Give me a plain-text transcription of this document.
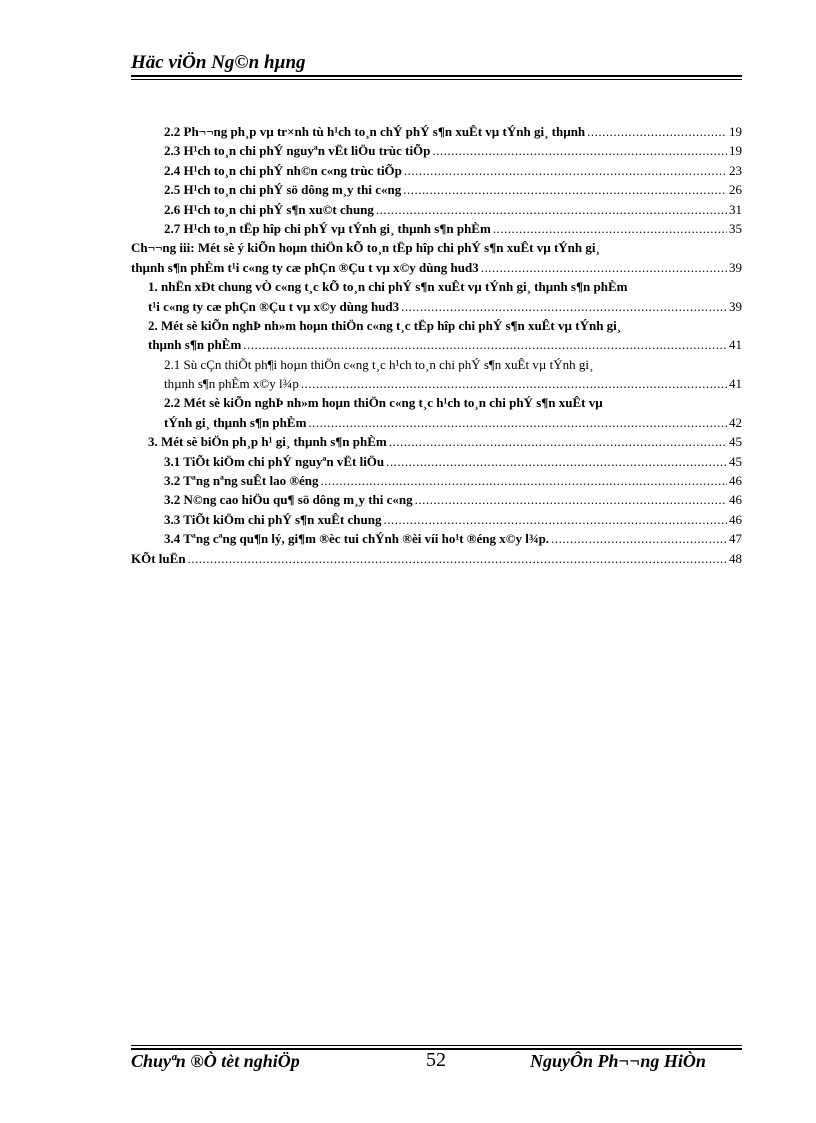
Häc viÖn Ng©n hµng
2.2 Ph¬¬ng ph¸p vµ tr×nh tù h¹ch to¸n chÝ phÝ s¶n xuÊt vµ tÝnh gi¸ thµnh .....	19
2.3 H¹ch to¸n chi phÝ nguyªn vËt liÖu trùc tiÕp .....	19
2.4 H¹ch to¸n chi phÝ nh©n c«ng trùc tiÕp .....	23
2.5 H¹ch to¸n chi phÝ sö dông m¸y thi c«ng .....	26
2.6 H¹ch to¸n chi phÝ s¶n xu©t chung .....	31
2.7 H¹ch to¸n tËp hîp chi phÝ vµ tÝnh gi¸ thµnh s¶n phÈm .....	35
Ch¬¬ng iii: Mét sè ý kiÕn hoµn thiÖn kÕ to¸n tËp hîp chi phÝ s¶n xuÊt vµ tÝnh gi¸
thµnh s¶n phÈm t¹i c«ng ty cæ phÇn ®Çu t vµ x©y dùng hud3 .....	39
1. nhËn xÐt chung vÒ c«ng t¸c kÕ to¸n chi phÝ s¶n xuÊt vµ tÝnh gi¸ thµnh s¶n phÈm
t¹i c«ng ty cæ phÇn ®Çu t vµ x©y dùng hud3 .....	39
2. Mét sè kiÕn nghÞ nh»m hoµn thiÖn c«ng t¸c tËp hîp chi phÝ s¶n xuÊt vµ tÝnh gi¸
thµnh s¶n phÈm .....	41
2.1 Sù cÇn thiÕt ph¶i hoµn thiÖn c«ng t¸c h¹ch to¸n chi phÝ s¶n xuÊt vµ tÝnh gi¸
thµnh s¶n phÈm x©y l¾p .....	41
2.2 Mét sè kiÕn nghÞ nh»m hoµn thiÖn c«ng t¸c h¹ch to¸n chi phÝ s¶n xuÊt vµ
tÝnh gi¸ thµnh s¶n phÈm .....	42
3. Mét sè biÖn ph¸p h¹ gi¸ thµnh s¶n phÈm .....	45
3.1 TiÕt kiÖm chi phÝ nguyªn vËt liÖu .....	45
3.2 Tªng nªng suÊt lao ®éng .....	46
3.2 N©ng cao hiÖu qu¶ sö dông m¸y thi c«ng .....	46
3.3 TiÕt kiÖm chi phÝ s¶n xuÊt chung .....	46
3.4 Tªng cªng qu¶n lý, gi¶m ®èc tui chÝnh ®èi víi ho¹t ®éng x©y l¾p. .....	47
KÕt luËn .....	48
Chuyªn ®Ò tèt nghiÖp	52	NguyÔn Ph¬¬ng HiÒn
